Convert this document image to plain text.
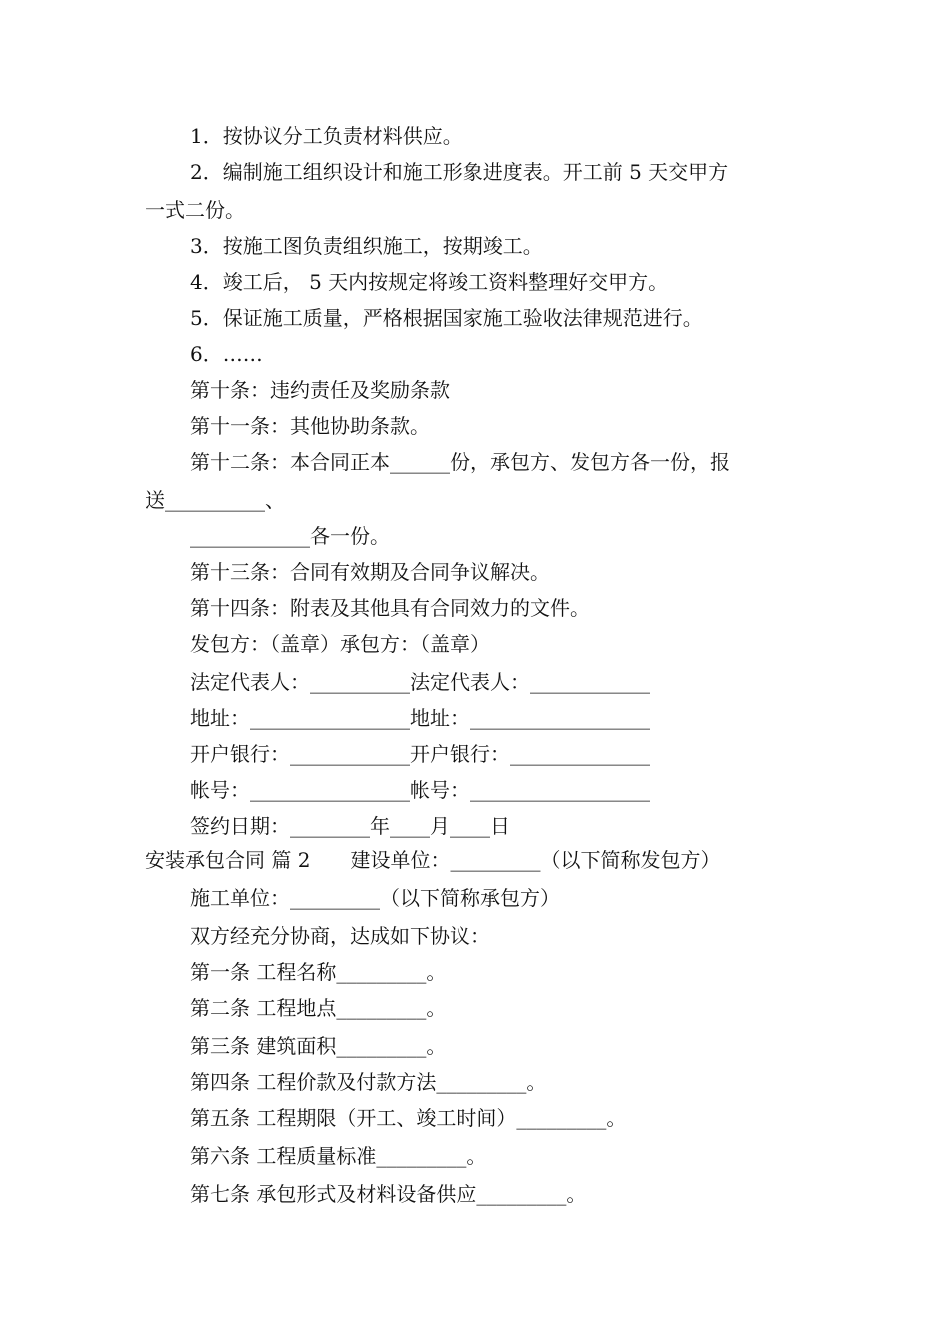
1．按协议分工负责材料供应。
2．编制施工组织设计和施工形象进度表。开工前 5 天交甲方
一式二份。
3．按施工图负责组织施工，按期竣工。
4．竣工后， 5 天内按规定将竣工资料整理好交甲方。
5．保证施工质量，严格根据国家施工验收法律规范进行。
6．……
第十条：违约责任及奖励条款
第十一条：其他协助条款。
第十二条：本合同正本______份，承包方、发包方各一份，报
送__________、
____________各一份。
第十三条：合同有效期及合同争议解决。
第十四条：附表及其他具有合同效力的文件。
发包方：（盖章）承包方：（盖章）
法定代表人：__________法定代表人：____________
地址：________________地址：__________________
开户银行：____________开户银行：______________
帐号：________________帐号：__________________
签约日期：________年____月____日
安装承包合同 篇 2　　建设单位：_________（以下简称发包方）
施工单位：_________（以下简称承包方）
双方经充分协商，达成如下协议：
第一条 工程名称_________。
第二条 工程地点_________。
第三条 建筑面积_________。
第四条 工程价款及付款方法_________。
第五条 工程期限（开工、竣工时间）_________。
第六条 工程质量标准_________。
第七条 承包形式及材料设备供应_________。
